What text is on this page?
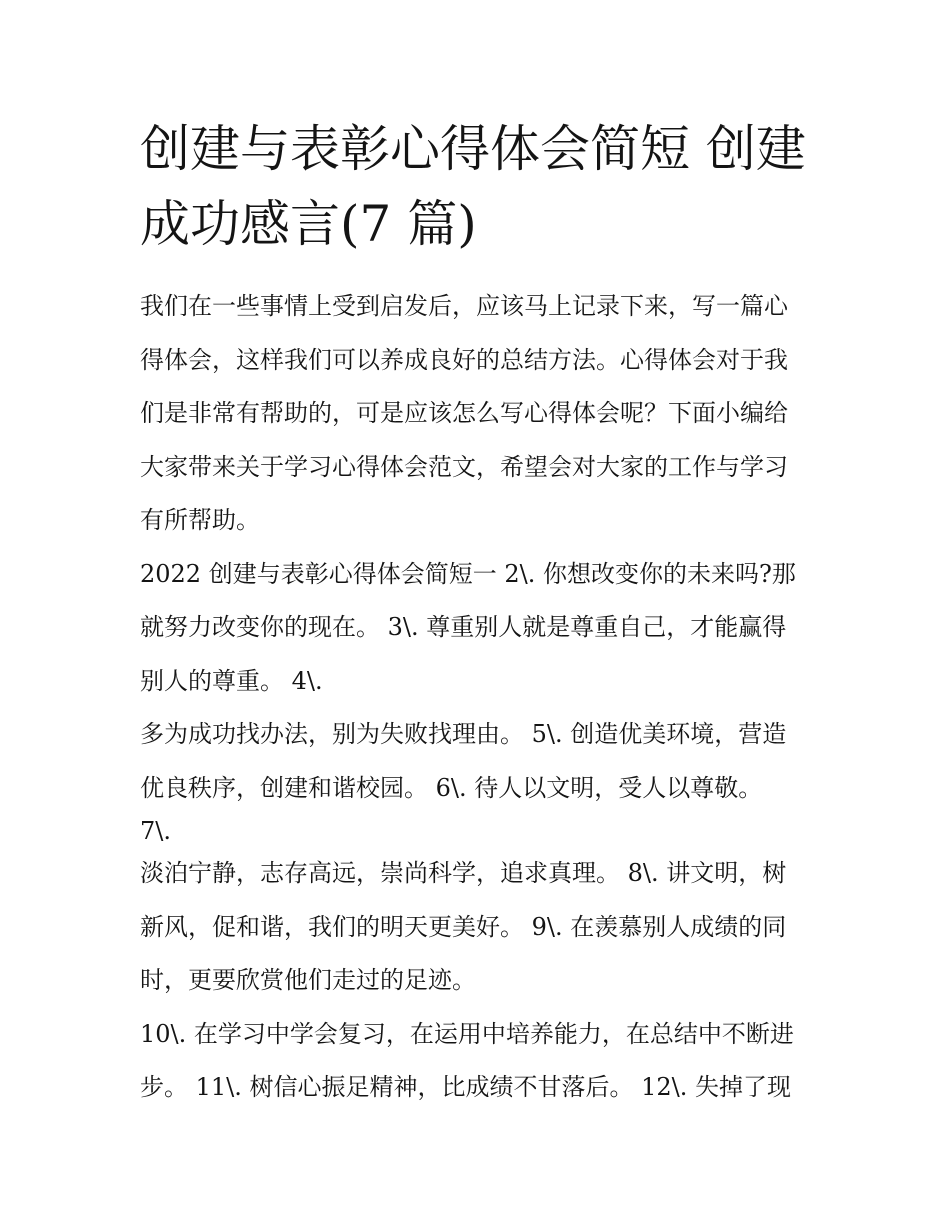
创建与表彰心得体会简短 创建
成功感言(7 篇)

我们在一些事情上受到启发后，应该马上记录下来，写一篇心
得体会，这样我们可以养成良好的总结方法。心得体会对于我
们是非常有帮助的，可是应该怎么写心得体会呢？下面小编给
大家带来关于学习心得体会范文，希望会对大家的工作与学习
有所帮助。

2022 创建与表彰心得体会简短一 2\. 你想改变你的未来吗?那
就努力改变你的现在。 3\. 尊重别人就是尊重自己，才能赢得
别人的尊重。 4\.

多为成功找办法，别为失败找理由。 5\. 创造优美环境，营造
优良秩序，创建和谐校园。 6\. 待人以文明，受人以尊敬。
7\.

淡泊宁静，志存高远，崇尚科学，追求真理。 8\. 讲文明，树
新风，促和谐，我们的明天更美好。 9\. 在羡慕别人成绩的同
时，更要欣赏他们走过的足迹。

10\. 在学习中学会复习，在运用中培养能力，在总结中不断进
步。 11\. 树信心振足精神，比成绩不甘落后。 12\. 失掉了现
